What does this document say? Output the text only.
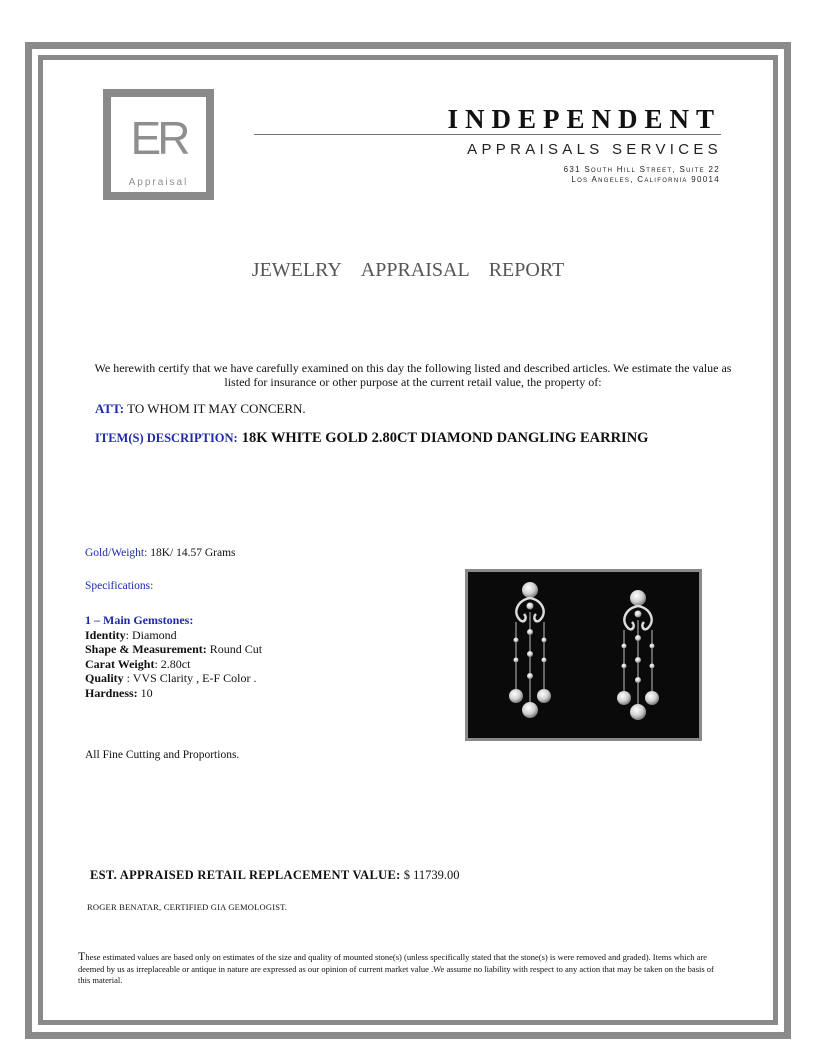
ER
Appraisal
INDEPENDENT
APPRAISALS SERVICES
631 South Hill Street, Suite 22
Los Angeles, California 90014
JEWELRY APPRAISAL REPORT
We herewith certify that we have carefully examined on this day the following listed and described articles. We estimate the value as listed for insurance or other purpose at the current retail value, the property of:
ATT: TO WHOM IT MAY CONCERN.
ITEM(S) DESCRIPTION: 18K WHITE GOLD 2.80CT DIAMOND DANGLING EARRING
Gold/Weight: 18K/ 14.57 Grams
Specifications:
1 – Main Gemstones:
Identity: Diamond
Shape & Measurement: Round Cut
Carat Weight: 2.80ct
Quality : VVS Clarity , E-F Color .
Hardness: 10
All Fine Cutting and Proportions.
EST. APPRAISED RETAIL REPLACEMENT VALUE: $ 11739.00
ROGER BENATAR, CERTIFIED GIA GEMOLOGIST.
These estimated values are based only on estimates of the size and quality of mounted stone(s) (unless specifically stated that the stone(s) is were removed and graded). Items which are deemed by us as irreplaceable or antique in nature are expressed as our opinion of current market value .We assume no liability with respect to any action that may be taken on the basis of this material.
